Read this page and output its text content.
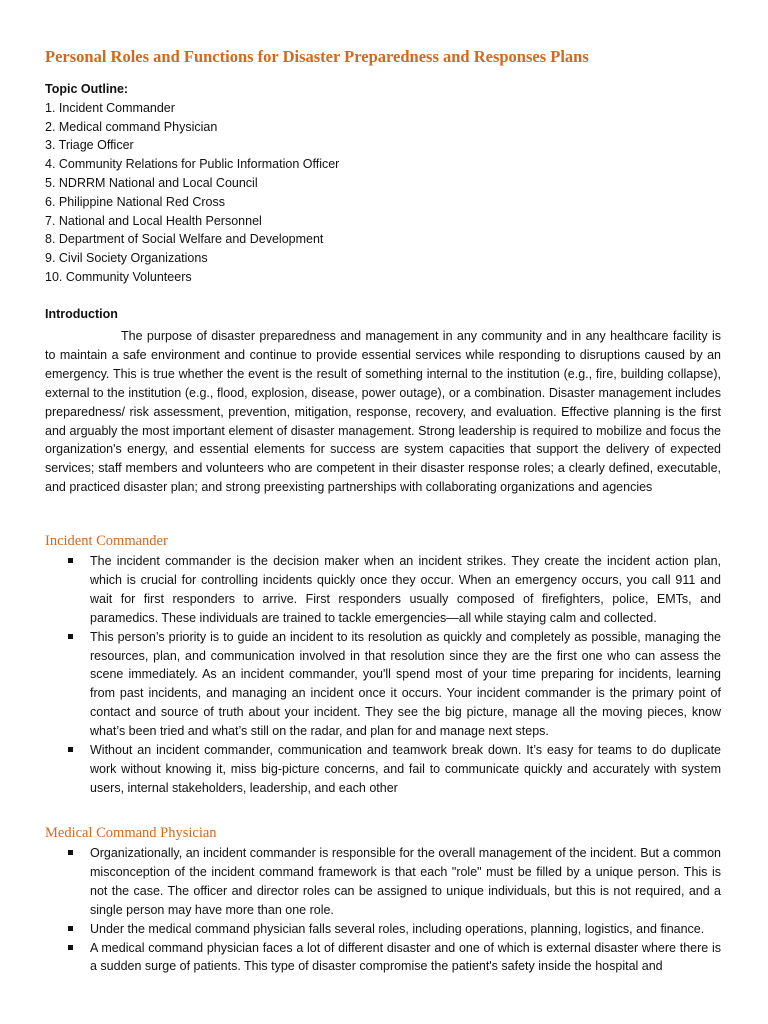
Personal Roles and Functions for Disaster Preparedness and Responses Plans
Topic Outline:
1. Incident Commander
2. Medical command Physician
3. Triage Officer
4. Community Relations for Public Information Officer
5. NDRRM National and Local Council
6. Philippine National Red Cross
7. National and Local Health Personnel
8. Department of Social Welfare and Development
9. Civil Society Organizations
10. Community Volunteers
Introduction

The purpose of disaster preparedness and management in any community and in any healthcare facility is to maintain a safe environment and continue to provide essential services while responding to disruptions caused by an emergency. This is true whether the event is the result of something internal to the institution (e.g., fire, building collapse), external to the institution (e.g., flood, explosion, disease, power outage), or a combination. Disaster management includes preparedness/ risk assessment, prevention, mitigation, response, recovery, and evaluation. Effective planning is the first and arguably the most important element of disaster management. Strong leadership is required to mobilize and focus the organization's energy, and essential elements for success are system capacities that support the delivery of expected services; staff members and volunteers who are competent in their disaster response roles; a clearly defined, executable, and practiced disaster plan; and strong preexisting partnerships with collaborating organizations and agencies

Incident Commander
The incident commander is the decision maker when an incident strikes. They create the incident action plan, which is crucial for controlling incidents quickly once they occur. When an emergency occurs, you call 911 and wait for first responders to arrive. First responders usually composed of firefighters, police, EMTs, and paramedics. These individuals are trained to tackle emergencies—all while staying calm and collected.
This person’s priority is to guide an incident to its resolution as quickly and completely as possible, managing the resources, plan, and communication involved in that resolution since they are the first one who can assess the scene immediately. As an incident commander, you'll spend most of your time preparing for incidents, learning from past incidents, and managing an incident once it occurs. Your incident commander is the primary point of contact and source of truth about your incident. They see the big picture, manage all the moving pieces, know what’s been tried and what’s still on the radar, and plan for and manage next steps.
Without an incident commander, communication and teamwork break down. It’s easy for teams to do duplicate work without knowing it, miss big-picture concerns, and fail to communicate quickly and accurately with system users, internal stakeholders, leadership, and each other
Medical Command Physician
Organizationally, an incident commander is responsible for the overall management of the incident. But a common misconception of the incident command framework is that each "role" must be filled by a unique person. This is not the case. The officer and director roles can be assigned to unique individuals, but this is not required, and a single person may have more than one role.
Under the medical command physician falls several roles, including operations, planning, logistics, and finance.
A medical command physician faces a lot of different disaster and one of which is external disaster where there is a sudden surge of patients. This type of disaster compromise the patient's safety inside the hospital and
